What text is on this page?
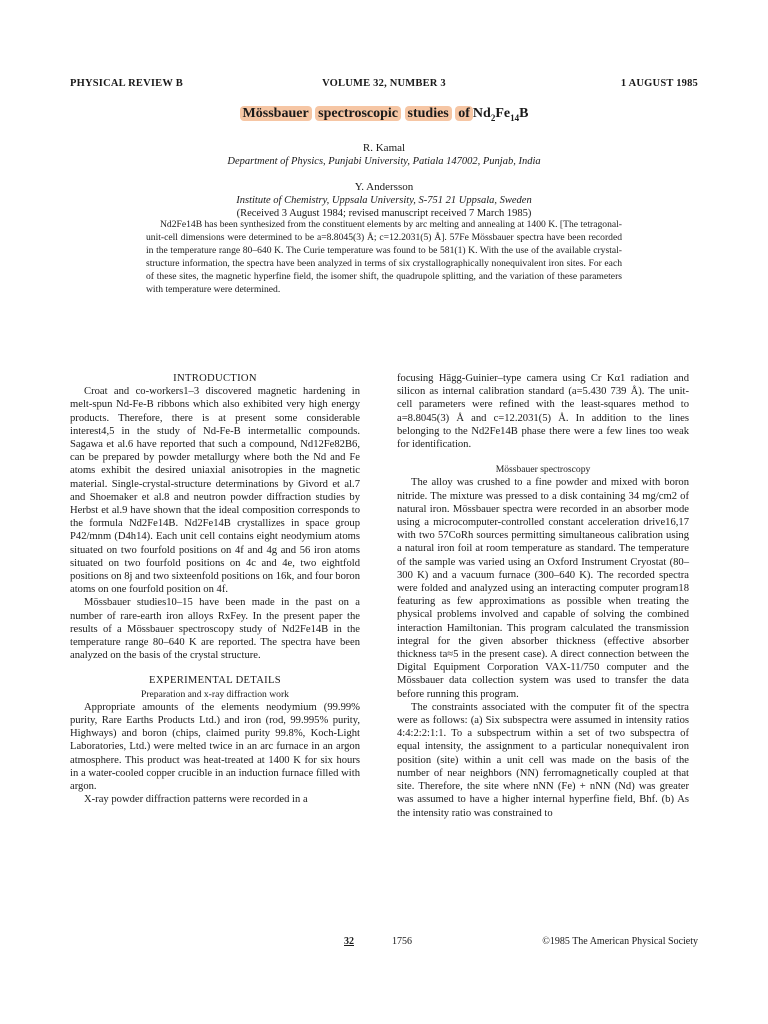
PHYSICAL REVIEW B	VOLUME 32, NUMBER 3	1 AUGUST 1985
Mössbauer spectroscopic studies of $Nd_2Fe_{14}B$
R. Kamal
Department of Physics, Punjabi University, Patiala 147002, Punjab, India
Y. Andersson
Institute of Chemistry, Uppsala University, S-751 21 Uppsala, Sweden
(Received 3 August 1984; revised manuscript received 7 March 1985)

Nd2Fe14B has been synthesized from the constituent elements by arc melting and annealing at 1400 K. [The tetragonal-unit-cell dimensions were determined to be a=8.8045(3) Å; c=12.2031(5) Å]. 57Fe Mössbauer spectra have been recorded in the temperature range 80–640 K. The Curie temperature was found to be 581(1) K. With the use of the available crystal-structure information, the spectra have been analyzed in terms of six crystallographically nonequivalent iron sites. For each of these sites, the magnetic hyperfine field, the isomer shift, the quadrupole splitting, and the variation of these parameters with temperature were determined.

INTRODUCTION

Croat and co-workers1–3 discovered magnetic hardening in melt-spun Nd-Fe-B ribbons which also exhibited very high energy products. Therefore, there is at present some considerable interest4,5 in the study of Nd-Fe-B intermetallic compounds. Sagawa et al.6 have reported that such a compound, Nd12Fe82B6, can be prepared by powder metallurgy where both the Nd and Fe atoms exhibit the desired uniaxial anisotropies in the magnetic material. Single-crystal-structure determinations by Givord et al.7 and Shoemaker et al.8 and neutron powder diffraction studies by Herbst et al.9 have shown that the ideal composition corresponds to the formula Nd2Fe14B. Nd2Fe14B crystallizes in space group P42/mnm (D4h14). Each unit cell contains eight neodymium atoms situated on two fourfold positions on 4f and 4g and 56 iron atoms situated on two fourfold positions on 4c and 4e, two eightfold positions on 8j and two sixteenfold positions on 16k, and four boron atoms on one fourfold position on 4f.

Mössbauer studies10–15 have been made in the past on a number of rare-earth iron alloys RxFey. In the present paper the results of a Mössbauer spectroscopy study of Nd2Fe14B in the temperature range 80–640 K are reported. The spectra have been analyzed on the basis of the crystal structure.

EXPERIMENTAL DETAILS

Preparation and x-ray diffraction work

Appropriate amounts of the elements neodymium (99.99% purity, Rare Earths Products Ltd.) and iron (rod, 99.995% purity, Highways) and boron (chips, claimed purity 99.8%, Koch-Light Laboratories, Ltd.) were melted twice in an arc furnace in an argon atmosphere. This product was heat-treated at 1400 K for six hours in a water-cooled copper crucible in an induction furnace filled with argon.

X-ray powder diffraction patterns were recorded in a

focusing Hägg-Guinier–type camera using Cr Kα1 radiation and silicon as internal calibration standard (a=5.430 739 Å). The unit-cell parameters were refined with the least-squares method to a=8.8045(3) Å and c=12.2031(5) Å. In addition to the lines belonging to the Nd2Fe14B phase there were a few lines too weak for identification.

Mössbauer spectroscopy

The alloy was crushed to a fine powder and mixed with boron nitride. The mixture was pressed to a disk containing 34 mg/cm2 of natural iron. Mössbauer spectra were recorded in an absorber mode using a microcomputer-controlled constant acceleration drive16,17 with two 57CoRh sources permitting simultaneous calibration using a natural iron foil at room temperature as standard. The temperature of the sample was varied using an Oxford Instrument Cryostat (80–300 K) and a vacuum furnace (300–640 K). The recorded spectra were folded and analyzed using an interacting computer program18 featuring as few approximations as possible when treating the physical problems involved and capable of solving the combined interaction Hamiltonian. This program calculated the transmission integral for the given absorber thickness (effective absorber thickness ta≈5 in the present case). A direct connection between the Digital Equipment Corporation VAX-11/750 computer and the Mössbauer data collection system was used to transfer the data before running this program.

The constraints associated with the computer fit of the spectra were as follows: (a) Six subspectra were assumed in intensity ratios 4:4:2:2:1:1. To a subspectrum within a set of two subspectra of equal intensity, the assignment to a particular nonequivalent iron position (site) within a unit cell was made on the basis of the number of near neighbors (NN) ferromagnetically coupled at that site. Therefore, the site where nNN (Fe) + nNN (Nd) was greater was assumed to have a higher internal hyperfine field, Bhf. (b) As the intensity ratio was constrained to

32	1756	©1985 The American Physical Society
